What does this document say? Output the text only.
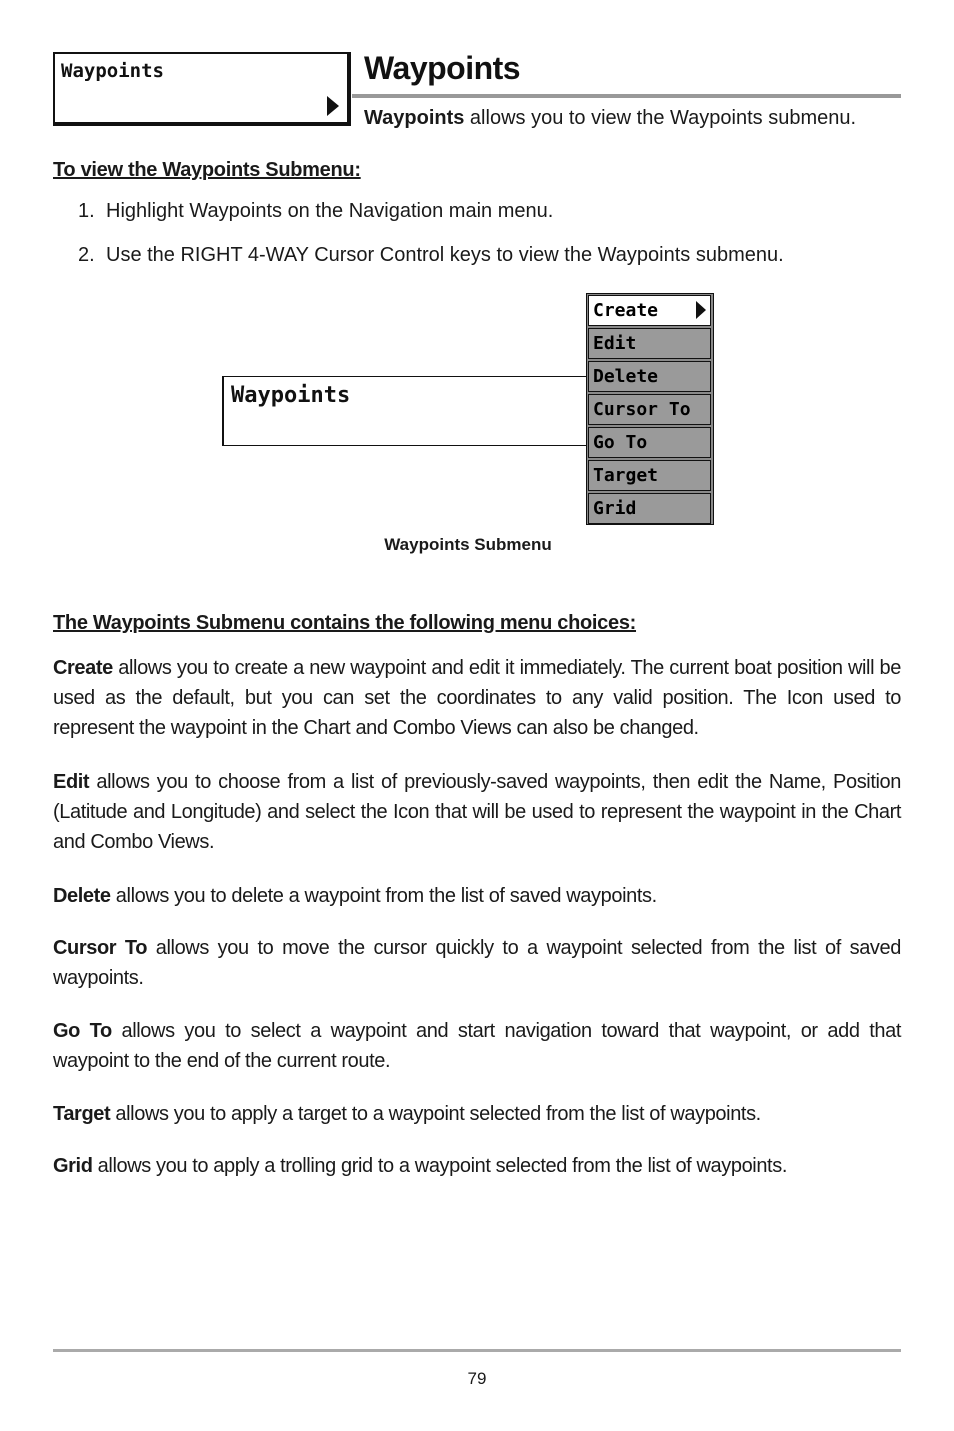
Waypoints	Waypoints
Waypoints allows you to view the Waypoints submenu.
To view the Waypoints Submenu:
1. Highlight Waypoints on the Navigation main menu.
2. Use the RIGHT 4-WAY Cursor Control keys to view the Waypoints submenu.
Waypoints
Create
Edit
Delete
Cursor To
Go To
Target
Grid
Waypoints Submenu
The Waypoints Submenu contains the following menu choices:
Create allows you to create a new waypoint and edit it immediately. The current boat position will be used as the default, but you can set the coordinates to any valid position. The Icon used to represent the waypoint in the Chart and Combo Views can also be changed.
Edit allows you to choose from a list of previously-saved waypoints, then edit the Name, Position (Latitude and Longitude) and select the Icon that will be used to represent the waypoint in the Chart and Combo Views.
Delete allows you to delete a waypoint from the list of saved waypoints.
Cursor To allows you to move the cursor quickly to a waypoint selected from the list of saved waypoints.
Go To allows you to select a waypoint and start navigation toward that waypoint, or add that waypoint to the end of the current route.
Target allows you to apply a target to a waypoint selected from the list of waypoints.
Grid allows you to apply a trolling grid to a waypoint selected from the list of waypoints.
79
